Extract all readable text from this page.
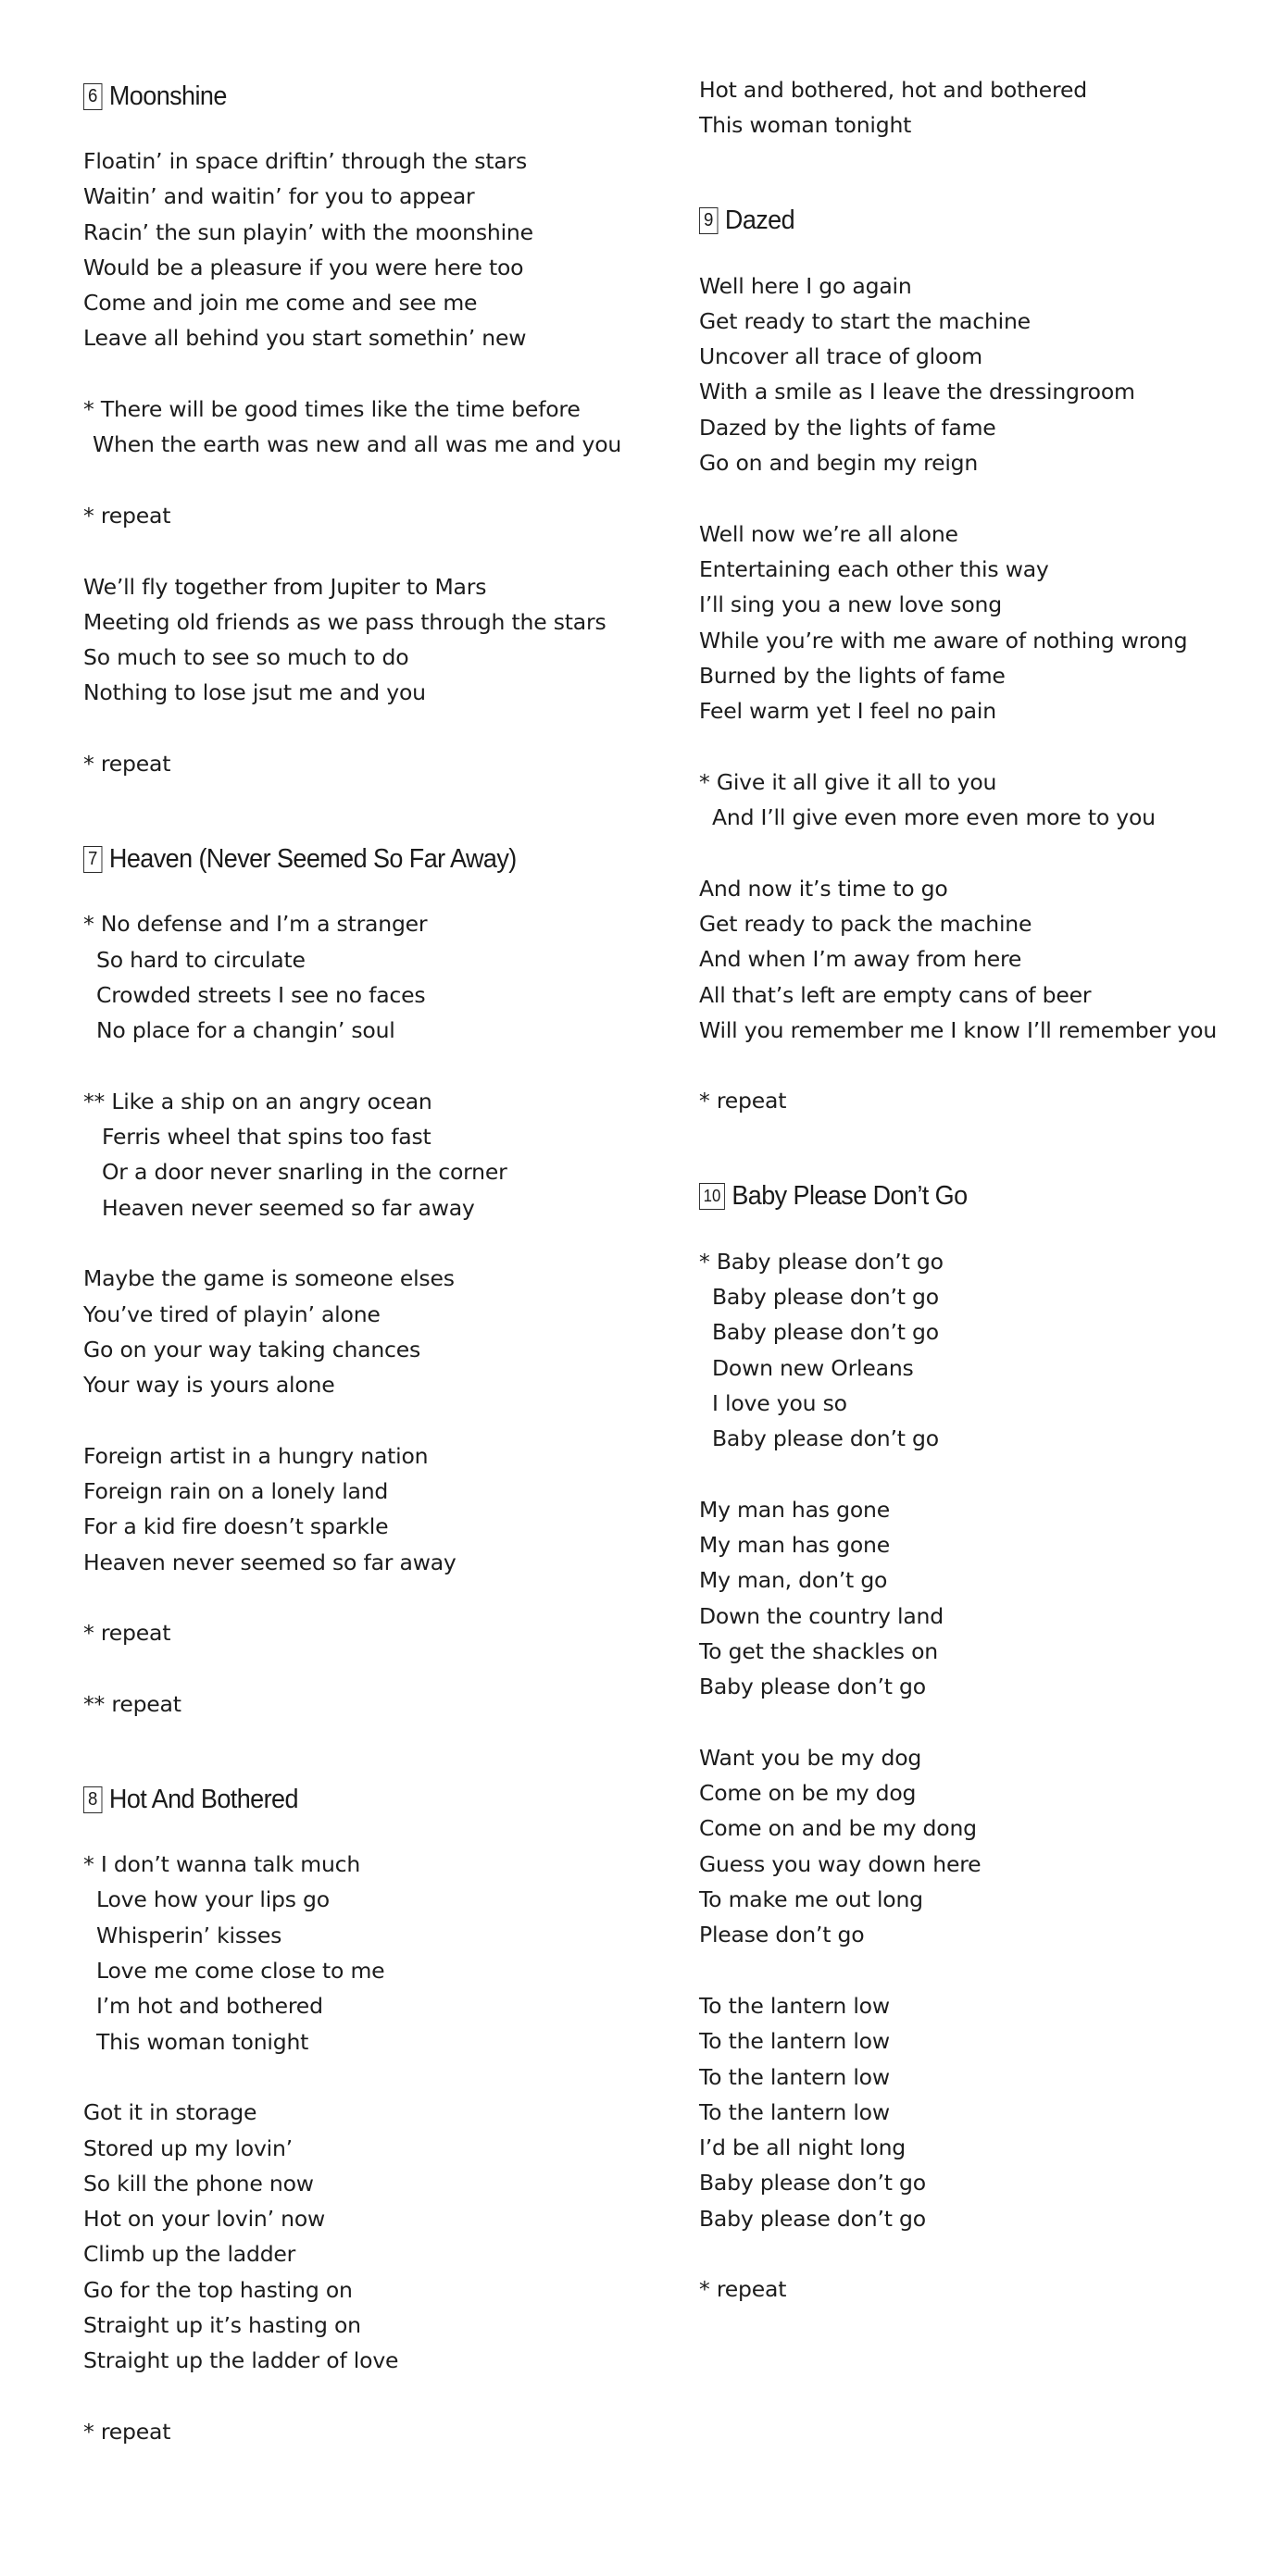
6 Moonshine
Floatin’ in space driftin’ through the stars
Waitin’ and waitin’ for you to appear
Racin’ the sun playin’ with the moonshine
Would be a pleasure if you were here too
Come and join me come and see me
Leave all behind you start somethin’ new
* There will be good times like the time before
When the earth was new and all was me and you
* repeat
We’ll fly together from Jupiter to Mars
Meeting old friends as we pass through the stars
So much to see so much to do
Nothing to lose jsut me and you
* repeat
7 Heaven (Never Seemed So Far Away)
* No defense and I’m a stranger
So hard to circulate
Crowded streets I see no faces
No place for a changin’ soul
** Like a ship on an angry ocean
Ferris wheel that spins too fast
Or a door never snarling in the corner
Heaven never seemed so far away
Maybe the game is someone elses
You’ve tired of playin’ alone
Go on your way taking chances
Your way is yours alone
Foreign artist in a hungry nation
Foreign rain on a lonely land
For a kid fire doesn’t sparkle
Heaven never seemed so far away
* repeat
** repeat
8 Hot And Bothered
* I don’t wanna talk much
Love how your lips go
Whisperin’ kisses
Love me come close to me
I’m hot and bothered
This woman tonight
Got it in storage
Stored up my lovin’
So kill the phone now
Hot on your lovin’ now
Climb up the ladder
Go for the top hasting on
Straight up it’s hasting on
Straight up the ladder of love
* repeat
Hot and bothered, hot and bothered
This woman tonight
9 Dazed
Well here I go again
Get ready to start the machine
Uncover all trace of gloom
With a smile as I leave the dressingroom
Dazed by the lights of fame
Go on and begin my reign
Well now we’re all alone
Entertaining each other this way
I’ll sing you a new love song
While you’re with me aware of nothing wrong
Burned by the lights of fame
Feel warm yet I feel no pain
* Give it all give it all to you
And I’ll give even more even more to you
And now it’s time to go
Get ready to pack the machine
And when I’m away from here
All that’s left are empty cans of beer
Will you remember me I know I’ll remember you
* repeat
10 Baby Please Don’t Go
* Baby please don’t go
Baby please don’t go
Baby please don’t go
Down new Orleans
I love you so
Baby please don’t go
My man has gone
My man has gone
My man, don’t go
Down the country land
To get the shackles on
Baby please don’t go
Want you be my dog
Come on be my dog
Come on and be my dong
Guess you way down here
To make me out long
Please don’t go
To the lantern low
To the lantern low
To the lantern low
To the lantern low
I’d be all night long
Baby please don’t go
Baby please don’t go
* repeat
